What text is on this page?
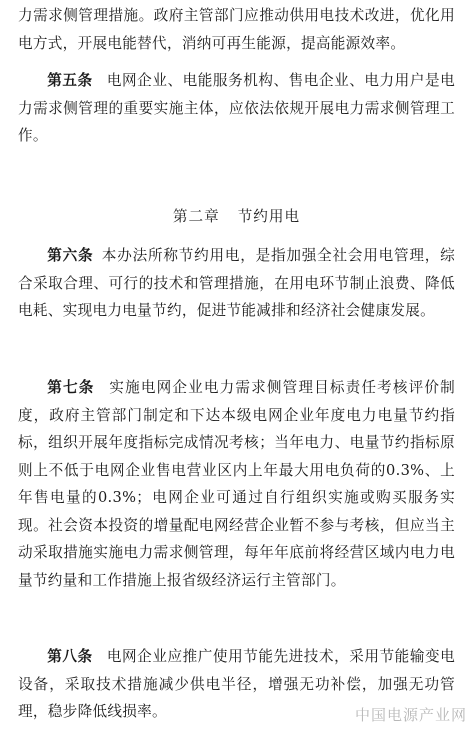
力需求侧管理措施。政府主管部门应推动供用电技术改进，优化用电方式，开展电能替代，消纳可再生能源，提高能源效率。

第五条 电网企业、电能服务机构、售电企业、电力用户是电力需求侧管理的重要实施主体，应依法依规开展电力需求侧管理工作。

第二章 节约用电

第六条 本办法所称节约用电，是指加强全社会用电管理，综合采取合理、可行的技术和管理措施，在用电环节制止浪费、降低电耗、实现电力电量节约，促进节能减排和经济社会健康发展。

第七条 实施电网企业电力需求侧管理目标责任考核评价制度，政府主管部门制定和下达本级电网企业年度电力电量节约指标，组织开展年度指标完成情况考核；当年电力、电量节约指标原则上不低于电网企业售电营业区内上年最大用电负荷的0.3%、上年售电量的0.3%；电网企业可通过自行组织实施或购买服务实现。社会资本投资的增量配电网经营企业暂不参与考核，但应当主动采取措施实施电力需求侧管理，每年年底前将经营区域内电力电量节约量和工作措施上报省级经济运行主管部门。

第八条 电网企业应推广使用节能先进技术，采用节能输变电设备，采取技术措施减少供电半径，增强无功补偿，加强无功管理，稳步降低线损率。	中国电源产业网
